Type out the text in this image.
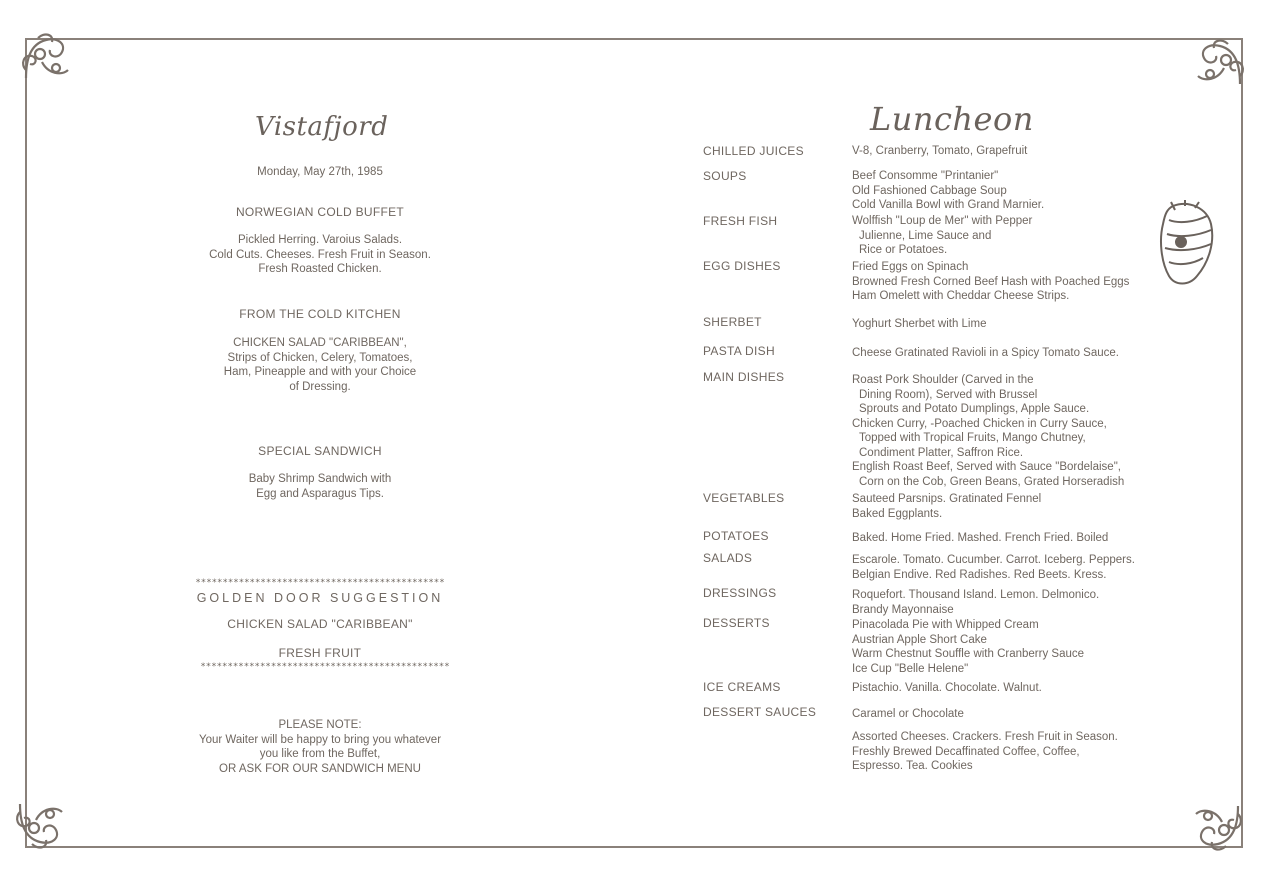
Vistafjord
Monday, May 27th, 1985
NORWEGIAN COLD BUFFET
Pickled Herring. Varoius Salads.
Cold Cuts. Cheeses. Fresh Fruit in Season.
Fresh Roasted Chicken.
FROM THE COLD KITCHEN
CHICKEN SALAD "CARIBBEAN",
Strips of Chicken, Celery, Tomatoes,
Ham, Pineapple and with your Choice
of Dressing.
SPECIAL SANDWICH
Baby Shrimp Sandwich with
Egg and Asparagus Tips.
**********************************************
GOLDEN DOOR SUGGESTION
CHICKEN SALAD "CARIBBEAN"
FRESH FRUIT
**********************************************
PLEASE NOTE:
Your Waiter will be happy to bring you whatever
you like from the Buffet,
OR ASK FOR OUR SANDWICH MENU
Luncheon
CHILLED JUICES	V-8, Cranberry, Tomato, Grapefruit
SOUPS	Beef Consomme "Printanier"
Old Fashioned Cabbage Soup
Cold Vanilla Bowl with Grand Marnier.
FRESH FISH	Wolffish "Loup de Mer" with Pepper
Julienne, Lime Sauce and
Rice or Potatoes.
EGG DISHES	Fried Eggs on Spinach
Browned Fresh Corned Beef Hash with Poached Eggs
Ham Omelett with Cheddar Cheese Strips.
SHERBET	Yoghurt Sherbet with Lime
PASTA DISH	Cheese Gratinated Ravioli in a Spicy Tomato Sauce.
MAIN DISHES	Roast Pork Shoulder (Carved in the
Dining Room), Served with Brussel
Sprouts and Potato Dumplings, Apple Sauce.
Chicken Curry, -Poached Chicken in Curry Sauce,
Topped with Tropical Fruits, Mango Chutney,
Condiment Platter, Saffron Rice.
English Roast Beef, Served with Sauce "Bordelaise",
Corn on the Cob, Green Beans, Grated Horseradish
VEGETABLES	Sauteed Parsnips. Gratinated Fennel
Baked Eggplants.
POTATOES	Baked. Home Fried. Mashed. French Fried. Boiled
SALADS	Escarole. Tomato. Cucumber. Carrot. Iceberg. Peppers.
Belgian Endive. Red Radishes. Red Beets. Kress.
DRESSINGS	Roquefort. Thousand Island. Lemon. Delmonico.
Brandy Mayonnaise
DESSERTS	Pinacolada Pie with Whipped Cream
Austrian Apple Short Cake
Warm Chestnut Souffle with Cranberry Sauce
Ice Cup "Belle Helene"
ICE CREAMS	Pistachio. Vanilla. Chocolate. Walnut.
DESSERT SAUCES	Caramel or Chocolate
Assorted Cheeses. Crackers. Fresh Fruit in Season.
Freshly Brewed Decaffinated Coffee, Coffee,
Espresso. Tea. Cookies
